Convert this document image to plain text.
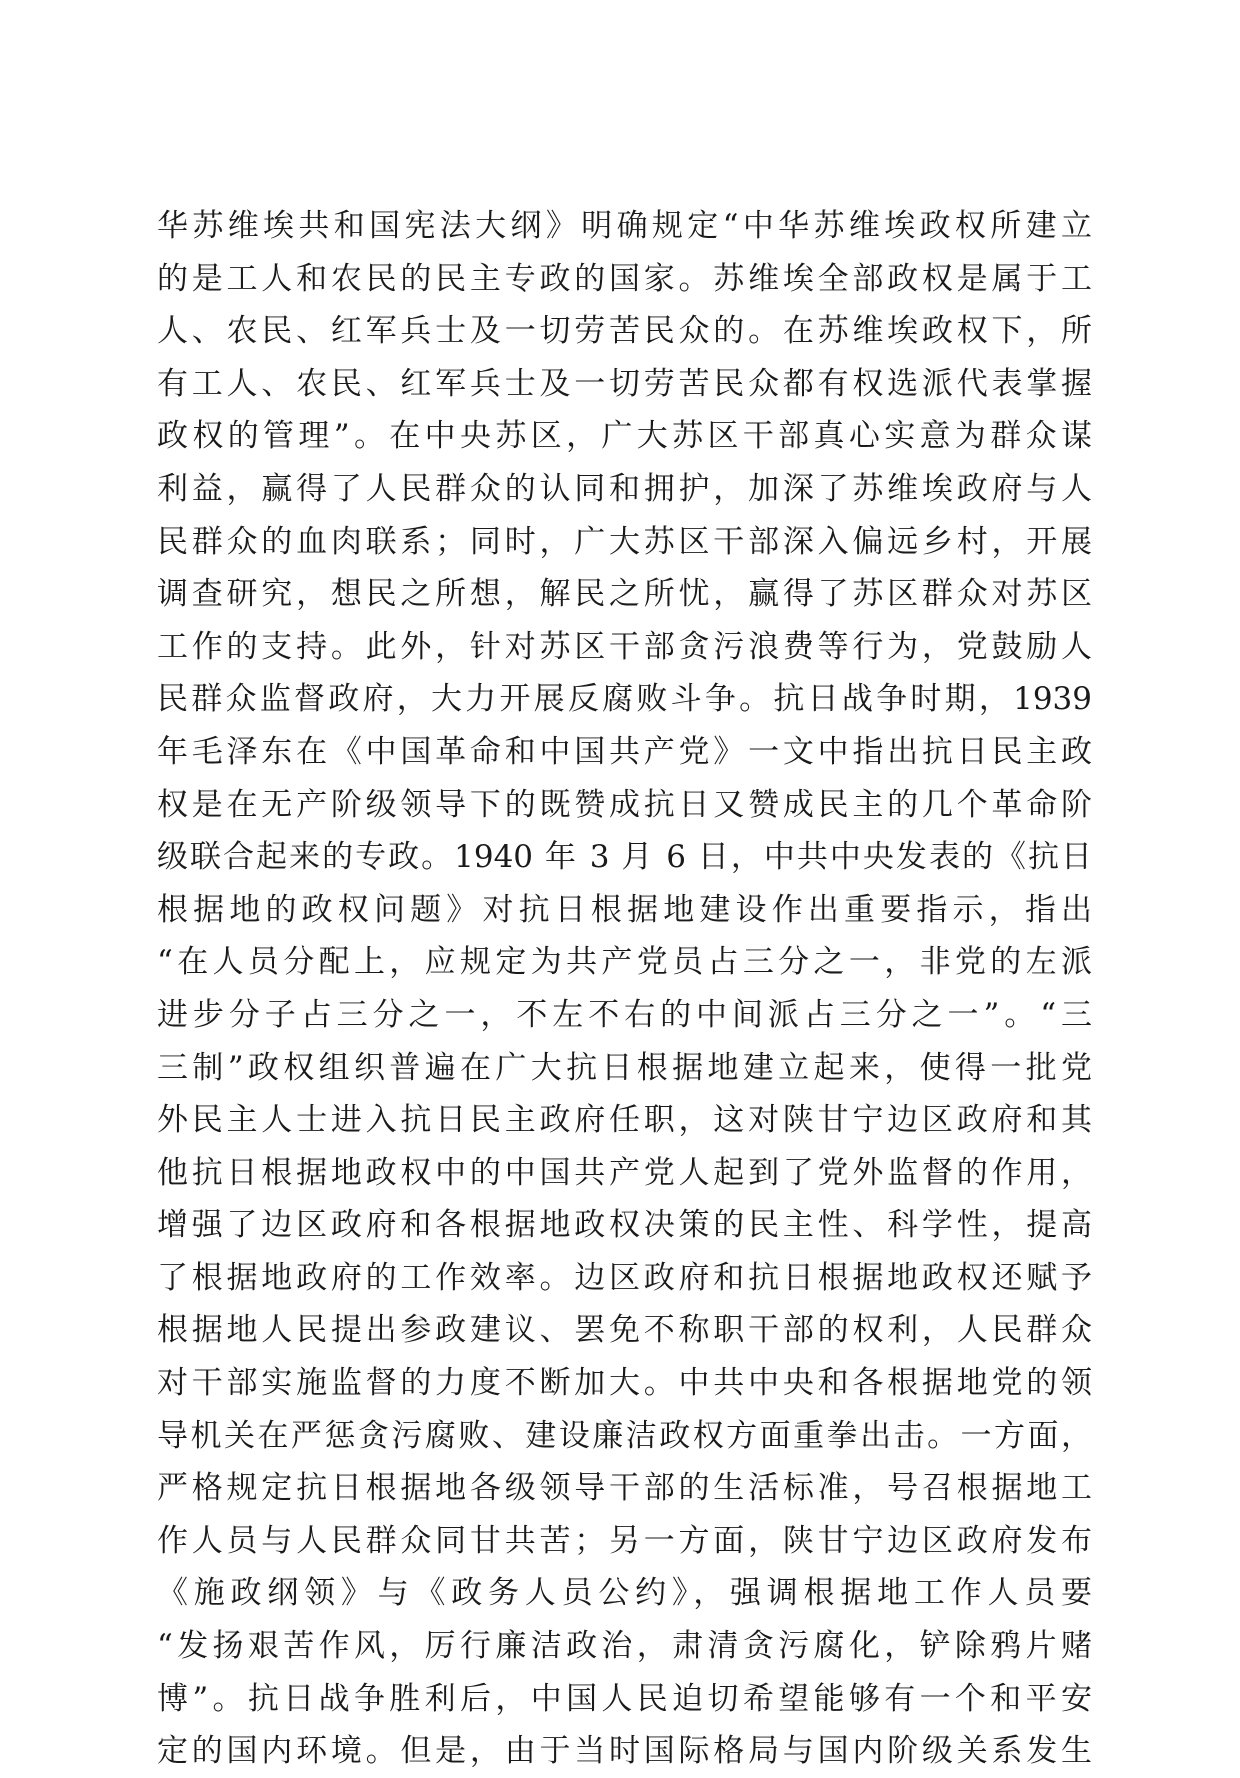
华苏维埃共和国宪法大纲》明确规定“中华苏维埃政权所建立
的是工人和农民的民主专政的国家。苏维埃全部政权是属于工
人、农民、红军兵士及一切劳苦民众的。在苏维埃政权下，所
有工人、农民、红军兵士及一切劳苦民众都有权选派代表掌握
政权的管理”。在中央苏区，广大苏区干部真心实意为群众谋
利益，赢得了人民群众的认同和拥护，加深了苏维埃政府与人
民群众的血肉联系；同时，广大苏区干部深入偏远乡村，开展
调查研究，想民之所想，解民之所忧，赢得了苏区群众对苏区
工作的支持。此外，针对苏区干部贪污浪费等行为，党鼓励人
民群众监督政府，大力开展反腐败斗争。抗日战争时期，1939
年毛泽东在《中国革命和中国共产党》一文中指出抗日民主政
权是在无产阶级领导下的既赞成抗日又赞成民主的几个革命阶
级联合起来的专政。1940 年 3 月 6 日，中共中央发表的《抗日
根据地的政权问题》对抗日根据地建设作出重要指示，指出
“在人员分配上，应规定为共产党员占三分之一，非党的左派
进步分子占三分之一，不左不右的中间派占三分之一”。“三
三制”政权组织普遍在广大抗日根据地建立起来，使得一批党
外民主人士进入抗日民主政府任职，这对陕甘宁边区政府和其
他抗日根据地政权中的中国共产党人起到了党外监督的作用，
增强了边区政府和各根据地政权决策的民主性、科学性，提高
了根据地政府的工作效率。边区政府和抗日根据地政权还赋予
根据地人民提出参政建议、罢免不称职干部的权利，人民群众
对干部实施监督的力度不断加大。中共中央和各根据地党的领
导机关在严惩贪污腐败、建设廉洁政权方面重拳出击。一方面，
严格规定抗日根据地各级领导干部的生活标准，号召根据地工
作人员与人民群众同甘共苦；另一方面，陕甘宁边区政府发布
《施政纲领》与《政务人员公约》，强调根据地工作人员要
“发扬艰苦作风，厉行廉洁政治，肃清贪污腐化，铲除鸦片赌
博”。抗日战争胜利后，中国人民迫切希望能够有一个和平安
定的国内环境。但是，由于当时国际格局与国内阶级关系发生
